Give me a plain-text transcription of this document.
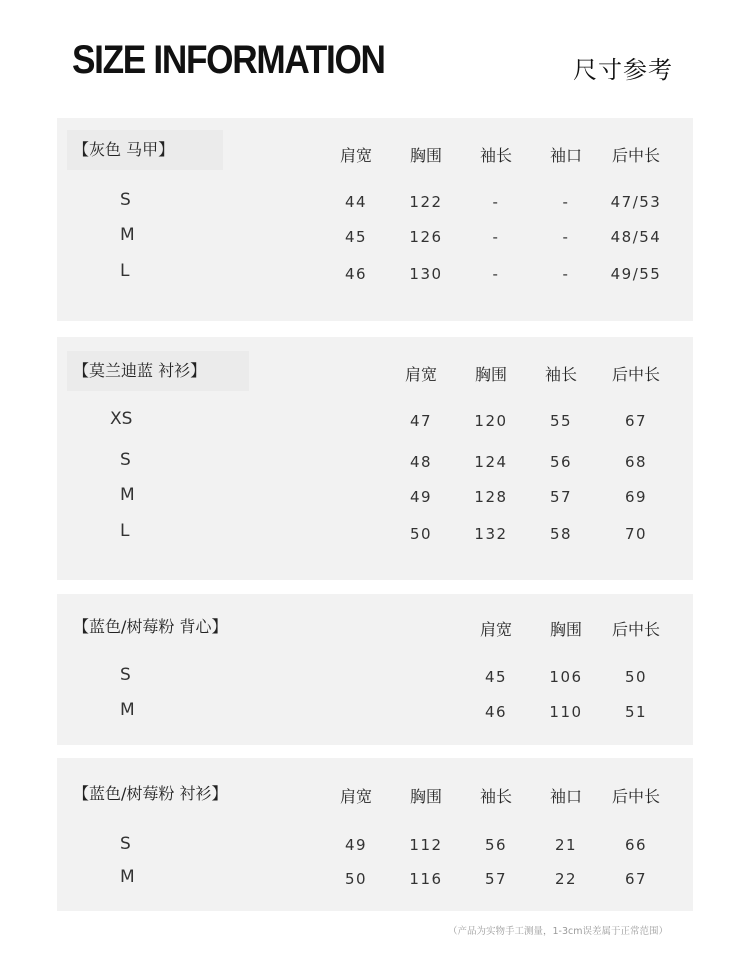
SIZE INFORMATION	尺寸参考
【灰色 马甲】	肩宽	胸围	袖长	袖口	后中长
S	44	122	-	-	47/53
M	45	126	-	-	48/54
L	46	130	-	-	49/55
【莫兰迪蓝 衬衫】	肩宽	胸围	袖长	后中长
XS	47	120	55	67
S	48	124	56	68
M	49	128	57	69
L	50	132	58	70
【蓝色/树莓粉 背心】	肩宽	胸围	后中长
S	45	106	50
M	46	110	51
【蓝色/树莓粉 衬衫】	肩宽	胸围	袖长	袖口	后中长
S	49	112	56	21	66
M	50	116	57	22	67
（产品为实物手工测量，1-3cm误差属于正常范围）
